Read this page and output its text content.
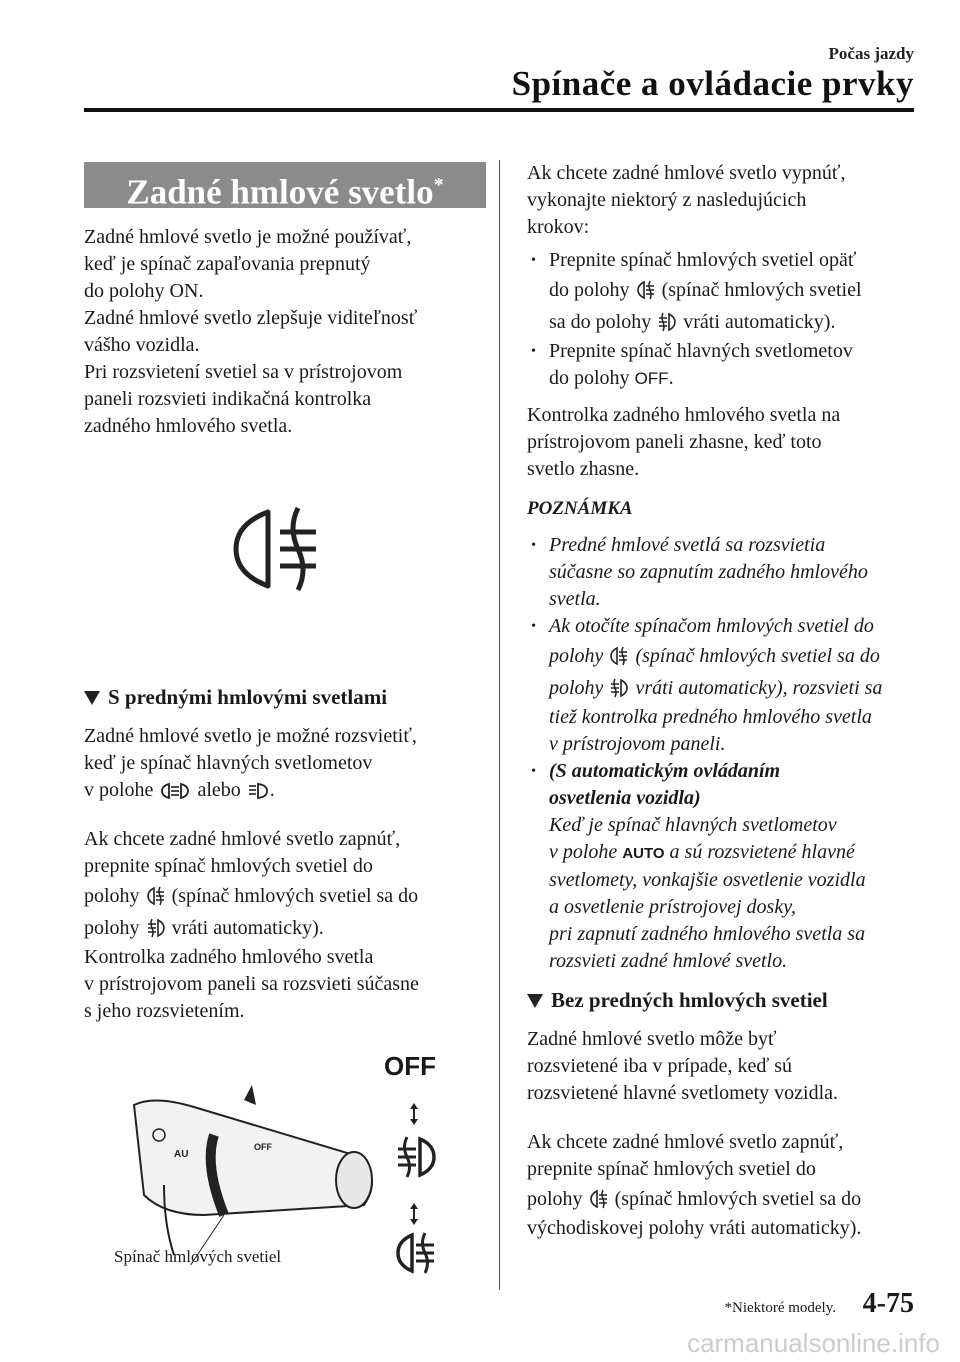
Počas jazdy
Spínače a ovládacie prvky
Zadné hmlové svetlo*

Zadné hmlové svetlo je možné používať,

keď je spínač zapaľovania prepnutý

do polohy ON.

Zadné hmlové svetlo zlepšuje viditeľnosť

vášho vozidla.

Pri rozsvietení svetiel sa v prístrojovom

paneli rozsvieti indikačná kontrolka

zadného hmlového svetla.

S prednými hmlovými svetlami

Zadné hmlové svetlo je možné rozsvietiť,

keď je spínač hlavných svetlometov

v polohe alebo .

Ak chcete zadné hmlové svetlo zapnúť,

prepnite spínač hmlových svetiel do

polohy (spínač hmlových svetiel sa do

polohy vráti automaticky).

Kontrolka zadného hmlového svetla

v prístrojovom paneli sa rozsvieti súčasne

s jeho rozsvietením.

AU
OFF
OFF
Spínač hmlových svetiel

Ak chcete zadné hmlové svetlo vypnúť,

vykonajte niektorý z nasledujúcich

krokov:

• Prepnite spínač hmlových svetiel opäť

do polohy (spínač hmlových svetiel

sa do polohy vráti automaticky).

• Prepnite spínač hlavných svetlometov

do polohy OFF.

Kontrolka zadného hmlového svetla na

prístrojovom paneli zhasne, keď toto

svetlo zhasne.

POZNÁMKA

• Predné hmlové svetlá sa rozsvietia

súčasne so zapnutím zadného hmlového

svetla.

• Ak otočíte spínačom hmlových svetiel do

polohy (spínač hmlových svetiel sa do

polohy vráti automaticky), rozsvieti sa

tiež kontrolka predného hmlového svetla

v prístrojovom paneli.

• (S automatickým ovládaním

osvetlenia vozidla)

Keď je spínač hlavných svetlometov

v polohe AUTO a sú rozsvietené hlavné

svetlomety, vonkajšie osvetlenie vozidla

a osvetlenie prístrojovej dosky,

pri zapnutí zadného hmlového svetla sa

rozsvieti zadné hmlové svetlo.

Bez predných hmlových svetiel

Zadné hmlové svetlo môže byť

rozsvietené iba v prípade, keď sú

rozsvietené hlavné svetlomety vozidla.

Ak chcete zadné hmlové svetlo zapnúť,

prepnite spínač hmlových svetiel do

polohy (spínač hmlových svetiel sa do

východiskovej polohy vráti automaticky).

*Niektoré modely. 4-75
carmanualsonline.info
